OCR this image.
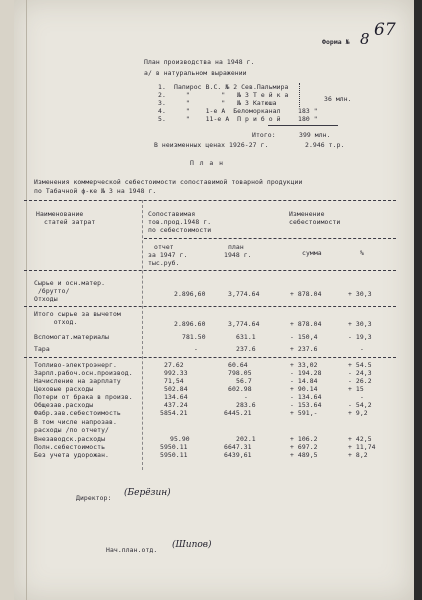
Форма № 8 67
План производства на 1948 г.
а/ в натуральном выражении
1. Папирос В.С. № 2 Сев.Пальмира
2. "        "   № 3 Т е й к а	36 млн.
3. "        "   № 3 Катюша
4. "    1-е А  Беломорканал	183 "
5. "    11-е А  П р и б о й	180 "
Итого:	399 млн.
В неизменных ценах 1926-27 г.	2.946 т.р.
П л а н
Изменения коммерческой себестоимости сопоставимой товарной продукции
по Табачной ф-ке № 3 на 1948 г.
Наименование
статей затрат
Сопоставимая
тов.прод.1948 г.
по себестоимости
Изменение
себестоимости
отчет
за 1947 г.
тыс.руб.
план
1948 г.	сумма	%
Сырье и осн.матер.
/брутто/
Отходы
2.896,60	3,774.64	+ 878.04	+ 30,3
Итого сырье за вычетом
отход.	2.896.60	3,774.64	+ 878.04	+ 30,3
Вспомогат.материалы	781.50	631.1	- 150,4	- 19,3
Тара	-	237.6	+ 237.6	-
Топливо-электроэнерг.	27.62	60.64	+ 33,02	+ 54.5
Зарпл.рабоч.осн.производ.	992.33	798.05	- 194.28	- 24,3
Начисление на зарплату	71,54	56.7	- 14.84	- 26.2
Цеховые расходы	502.84	602.98	+ 90.14	+ 15
Потери от брака в произв.	134.64	-	- 134.64	-
Общезав.расходы	437.24	283.6	- 153.64	- 54,2
Фабр.зав.себестоимость	5854.21	6445.21	+ 591,-	+ 9,2
В том числе напрозав.
расходы /по отчету/
Внезаводск.расходы	95.90	202.1	+ 106.2	+ 42,5
Полн.себестоимость	5950.11	6647.31	+ 697.2	+ 11,74
Без учета удорожан.	5950.11	6439,61	+ 489,5	+ 8,2
Директор: (Берёзин)
Нач.план.отд. (Шипов)
